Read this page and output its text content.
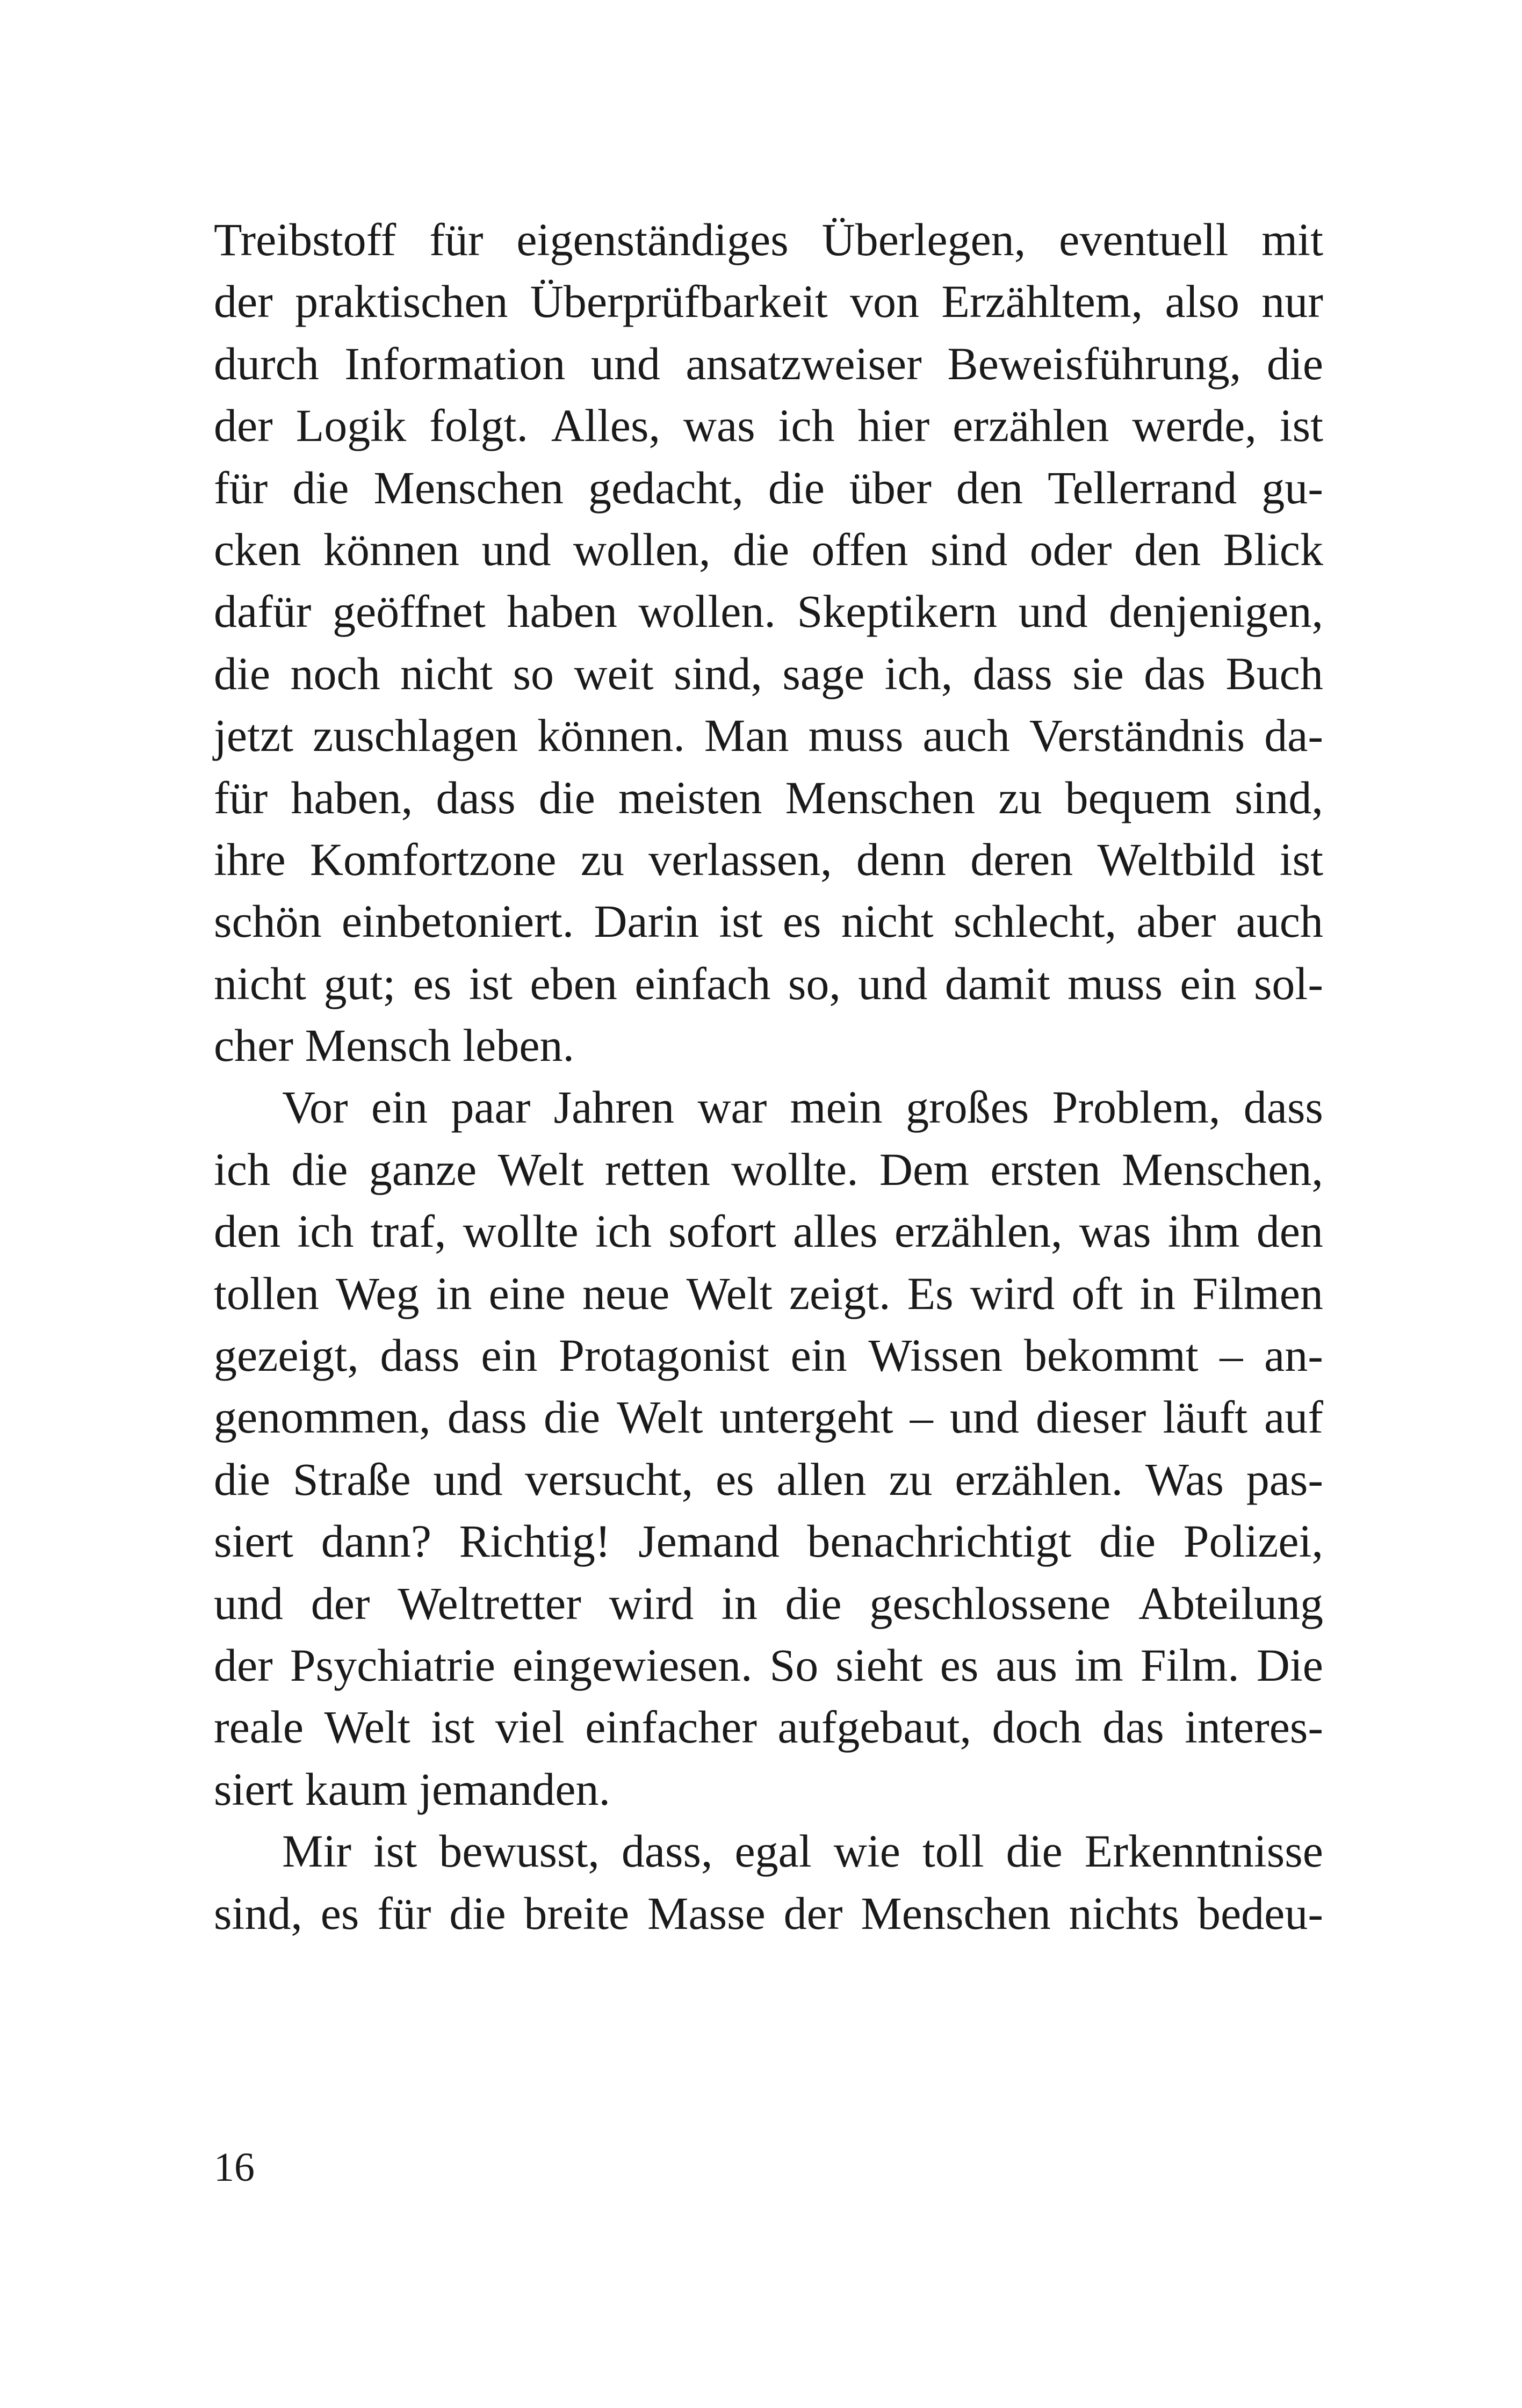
Treibstoff für eigenständiges Überlegen, eventuell mit
der praktischen Überprüfbarkeit von Erzähltem, also nur
durch Information und ansatzweiser Beweisführung, die
der Logik folgt. Alles, was ich hier erzählen werde, ist
für die Menschen gedacht, die über den Tellerrand gu-
cken können und wollen, die offen sind oder den Blick
dafür geöffnet haben wollen. Skeptikern und denjenigen,
die noch nicht so weit sind, sage ich, dass sie das Buch
jetzt zuschlagen können. Man muss auch Verständnis da-
für haben, dass die meisten Menschen zu bequem sind,
ihre Komfortzone zu verlassen, denn deren Weltbild ist
schön einbetoniert. Darin ist es nicht schlecht, aber auch
nicht gut; es ist eben einfach so, und damit muss ein sol-
cher Mensch leben.
Vor ein paar Jahren war mein großes Problem, dass
ich die ganze Welt retten wollte. Dem ersten Menschen,
den ich traf, wollte ich sofort alles erzählen, was ihm den
tollen Weg in eine neue Welt zeigt. Es wird oft in Filmen
gezeigt, dass ein Protagonist ein Wissen bekommt – an-
genommen, dass die Welt untergeht – und dieser läuft auf
die Straße und versucht, es allen zu erzählen. Was pas-
siert dann? Richtig! Jemand benachrichtigt die Polizei,
und der Weltretter wird in die geschlossene Abteilung
der Psychiatrie eingewiesen. So sieht es aus im Film. Die
reale Welt ist viel einfacher aufgebaut, doch das interes-
siert kaum jemanden.
Mir ist bewusst, dass, egal wie toll die Erkenntnisse
sind, es für die breite Masse der Menschen nichts bedeu-
16
